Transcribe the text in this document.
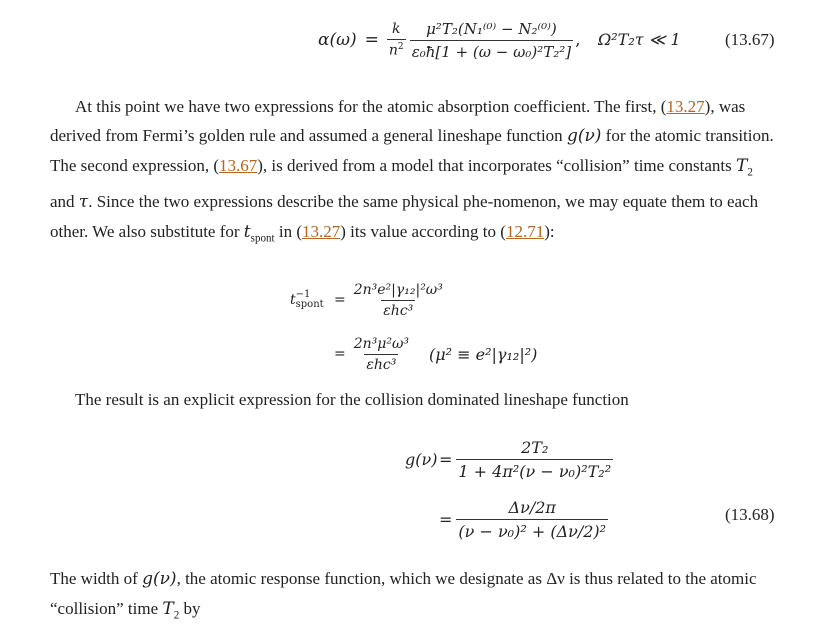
$\alpha(\omega) = \frac{k}{n^2} \frac{\text{μ²T₂(N₁⁽⁰⁾ − N₂⁽⁰⁾)}}{\text{ε₀ħ[1 + (ω − ω₀)²T₂²]}}$ , Ω²T₂τ ≪ 1	(13.67)
At this point we have two expressions for the atomic absorption coefficient. The first, (13.27), was derived from Fermi’s golden rule and assumed a general lineshape function g(ν) for the atomic transition. The second expression, (13.67), is derived from a model that incorporates “collision” time constants $T_2$ and τ. Since the two expressions describe the same physical phe-nomenon, we may equate them to each other. We also substitute for $t_{spont}$ in (13.27) its value according to (12.71):
t −1
spont = $\frac{\text{2n³e²|γ₁₂|²ω³}}{\text{εhc³}}$
= $\frac{\text{2n³μ²ω³}}{\text{εhc³}} (\mu^2 \equiv e^2|\gamma_{12}|^2)$
The result is an explicit expression for the collision dominated lineshape function
$g(\nu) = \frac{\text{2T₂}}{\text{1 + 4π²(ν − ν₀)²T₂²}}$
= $\frac{\Delta\nu/2\pi}{\text{(ν − ν₀)² + (Δν/2)²}}$	(13.68)
The width of g(ν), the atomic response function, which we designate as Δν is thus related to the atomic “collision” time $T_2$ by
